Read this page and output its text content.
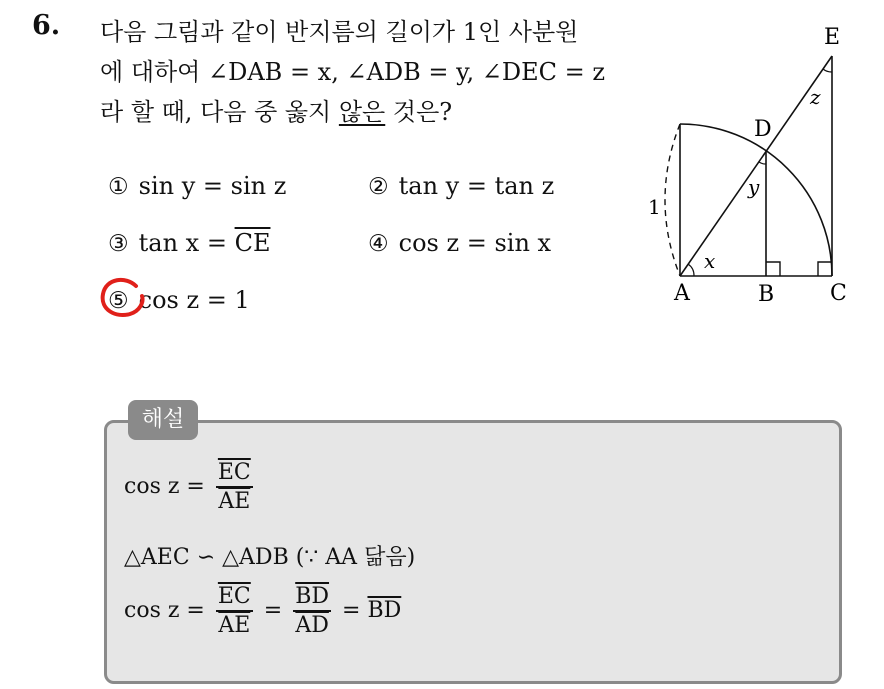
6. 다음 그림과 같이 반지름의 길이가 1인 사분원
에 대하여 ∠DAB = x, ∠ADB = y, ∠DEC = z
라 할 때, 다음 중 옳지 않은 것은?
① sin y = sin z	② tan y = tan z
③ $\tan x = \overline{CE}$	④ cos z = sin x
⑤ cos z = 1	A	B	C
D
E
x
y
z
1
해설
$\cos z = \frac{\overline{EC}}{AE}$
△AEC ∽ △ADB (∵ AA 닮음)
$\cos z = \frac{\overline{EC}}{AE} = \frac{\overline{BD}}{AD} = \overline{BD}$
